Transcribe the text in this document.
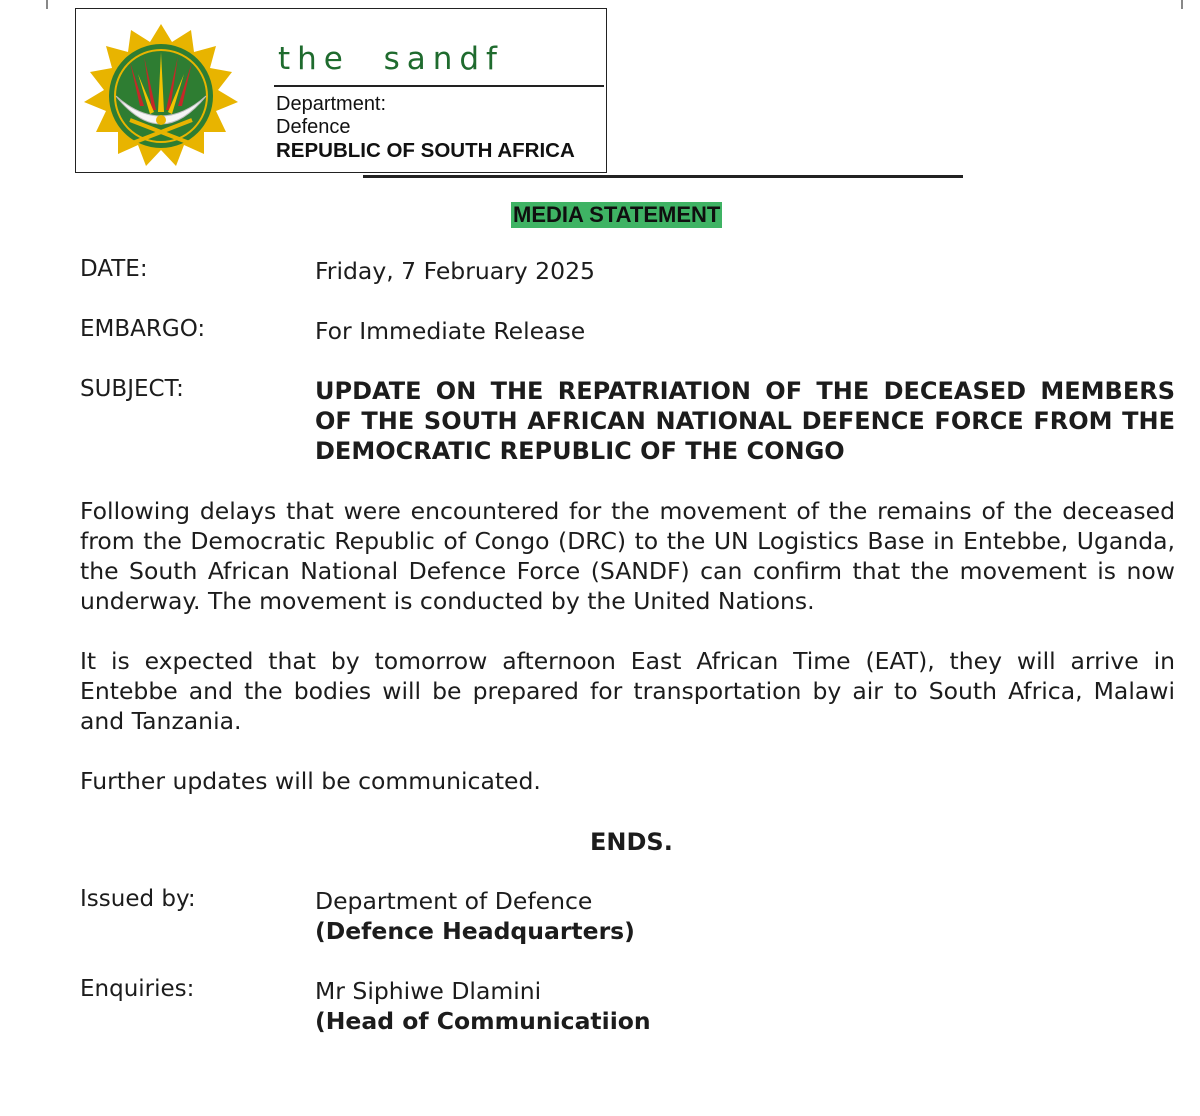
the  sandf
Department:
Defence
REPUBLIC OF SOUTH AFRICA
MEDIA STATEMENT
DATE:	Friday, 7 February 2025
EMBARGO:	For Immediate Release
SUBJECT:	UPDATE ON THE REPATRIATION OF THE DECEASED MEMBERS OF THE SOUTH AFRICAN NATIONAL DEFENCE FORCE FROM THE DEMOCRATIC REPUBLIC OF THE CONGO
Following delays that were encountered for the movement of the remains of the deceased from the Democratic Republic of Congo (DRC) to the UN Logistics Base in Entebbe, Uganda, the South African National Defence Force (SANDF) can confirm that the movement is now underway. The movement is conducted by the United Nations.
It is expected that by tomorrow afternoon East African Time (EAT), they will arrive in Entebbe and the bodies will be prepared for transportation by air to South Africa, Malawi and Tanzania.
Further updates will be communicated.
ENDS.
Issued by:	Department of Defence
(Defence Headquarters)
Enquiries:	Mr Siphiwe Dlamini
(Head of Communicatiion
